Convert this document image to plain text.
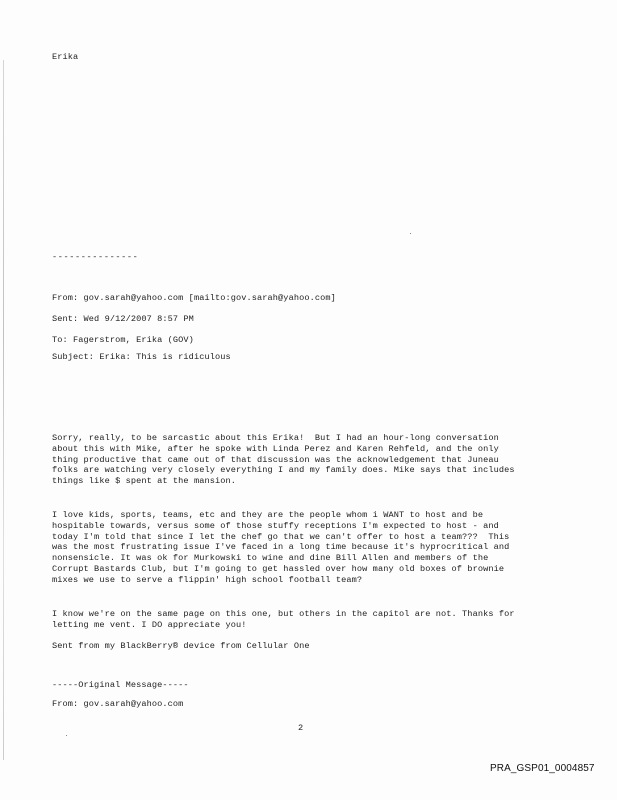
Erika
---------------
From: gov.sarah@yahoo.com [mailto:gov.sarah@yahoo.com]
Sent: Wed 9/12/2007 8:57 PM
To: Fagerstrom, Erika (GOV)
Subject: Erika: This is ridiculous
Sorry, really, to be sarcastic about this Erika!  But I had an hour-long conversation
about this with Mike, after he spoke with Linda Perez and Karen Rehfeld, and the only
thing productive that came out of that discussion was the acknowledgement that Juneau
folks are watching very closely everything I and my family does. Mike says that includes
things like $ spent at the mansion.
I love kids, sports, teams, etc and they are the people whom i WANT to host and be
hospitable towards, versus some of those stuffy receptions I'm expected to host - and
today I'm told that since I let the chef go that we can't offer to host a team???  This
was the most frustrating issue I've faced in a long time because it's hyprocritical and
nonsensicle. It was ok for Murkowski to wine and dine Bill Allen and members of the
Corrupt Bastards Club, but I'm going to get hassled over how many old boxes of brownie
mixes we use to serve a flippin' high school football team?
I know we're on the same page on this one, but others in the capitol are not. Thanks for
letting me vent. I DO appreciate you!
Sent from my BlackBerry® device from Cellular One
-----Original Message-----
From: gov.sarah@yahoo.com
2
PRA_GSP01_0004857
